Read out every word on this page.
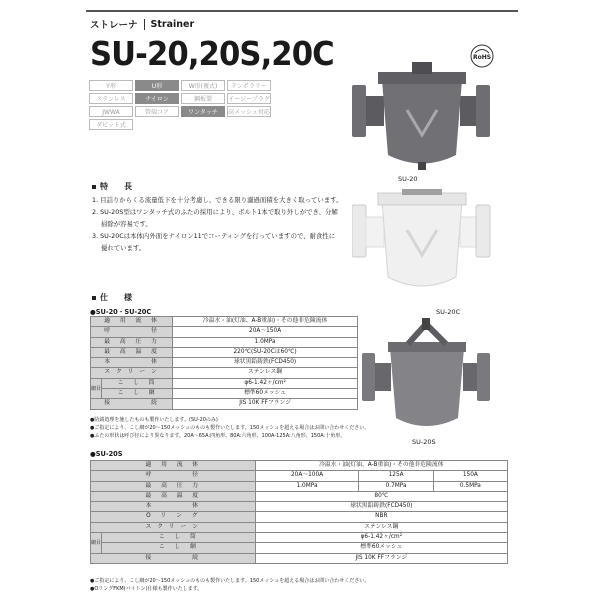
ストレーナ Strainer
SU-20,20S,20C	RoHS
Y形	U形	W形(複式)	テンポラリー
ステンレス	ナイロン	鋼板製	イージープラグ
JWWA	管端コア	ワンタッチ	高メッシュ対応
ダビット式
SU-20
SU-20C
SU-20S
特　　長

1. 目詰りからくる流量低下を十分考慮し、できる限り濾過面積を大きく取っています。

2. SU-20S型はワンタッチ式のふたの採用により、ボルト1本で取り外しができ、分解

掃除が容易です。

3. SU-20Cは本体内外面をナイロン11でコーティングを行っていますので、耐食性に

優れています。

仕　　様
●SU-20・SU-20C
適　用　流　体		冷温水・油(灯油、A-B重油)・その他非危険流体
呼　　　　　径		20A～150A
最　高　圧　力		1.0MPa
最　高　温　度		220℃(SU-20Cは60℃)
本　　　　　体		球状黒鉛鋳鉄(FCD450)
ス ク リ ー ン		ステンレス鋼
網目	こ　し　筒	φ6-1.42ヶ/cm²
	こ　し　網	標準60メッシュ
接　　　　　続		JIS 10K FFフランジ
●防錆処理を施したものも製作いたします。(SU-20のみ)
●ご指定により、こし網が20～150メッシュのものも製作いたします。150メッシュを超える場合はお問い合わせください。
●ふたの形状は呼び径により異なります。20A～65A:四角形、80A:六角形、100A-125A:八角形、150A:十角形。
●SU-20S
適　用　流　体		冷温水・油(灯油、A-B重油)・その他非危険流体		
呼　　　　　径		20A～100A	125A	150A
最　高　圧　力		1.0MPa	0.7MPa	0.5MPa
最　高　温　度		80℃		
本　　　　　体		球状黒鉛鋳鉄(FCD450)		
O　リ　ン　グ		NBR		
ス ク リ ー ン		ステンレス鋼		
網目	こ　し　筒	φ6-1.42ヶ/cm²		
	こ　し　網	標準60メッシュ		
接　　　　　続		JIS 10K FFフランジ		
●ご指定により、こし網が20～150メッシュのものも製作いたします。150メッシュを超える場合はお問い合わせください。
●OリングFKM(バイトン)仕様も製作いたします。
